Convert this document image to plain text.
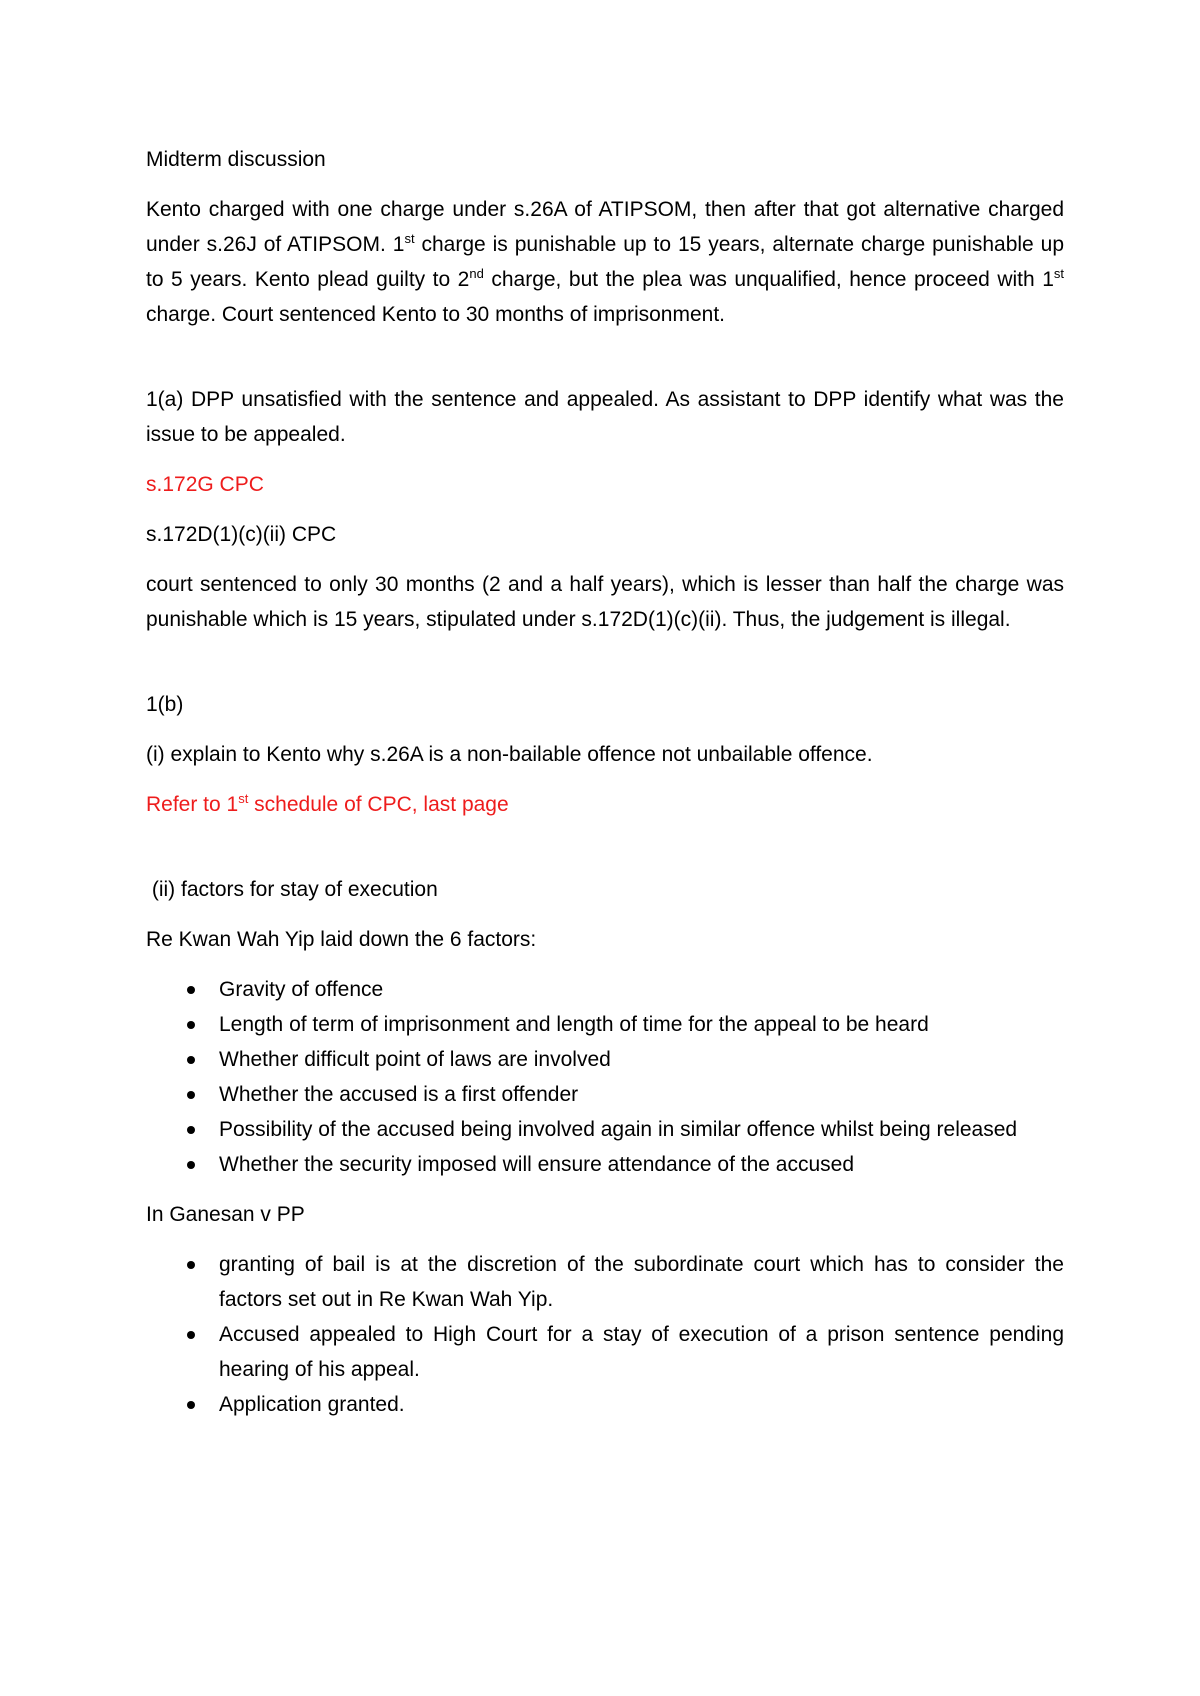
Midterm discussion

Kento charged with one charge under s.26A of ATIPSOM, then after that got alternative charged under s.26J of ATIPSOM. 1st charge is punishable up to 15 years, alternate charge punishable up to 5 years. Kento plead guilty to 2nd charge, but the plea was unqualified, hence proceed with 1st charge. Court sentenced Kento to 30 months of imprisonment.

1(a) DPP unsatisfied with the sentence and appealed. As assistant to DPP identify what was the issue to be appealed.

s.172G CPC

s.172D(1)(c)(ii) CPC

court sentenced to only 30 months (2 and a half years), which is lesser than half the charge was punishable which is 15 years, stipulated under s.172D(1)(c)(ii). Thus, the judgement is illegal.

1(b)

(i) explain to Kento why s.26A is a non-bailable offence not unbailable offence.

Refer to 1st schedule of CPC, last page

(ii) factors for stay of execution

Re Kwan Wah Yip laid down the 6 factors:

Gravity of offence
Length of term of imprisonment and length of time for the appeal to be heard
Whether difficult point of laws are involved
Whether the accused is a first offender
Possibility of the accused being involved again in similar offence whilst being released
Whether the security imposed will ensure attendance of the accused

In Ganesan v PP

granting of bail is at the discretion of the subordinate court which has to consider the factors set out in Re Kwan Wah Yip.
Accused appealed to High Court for a stay of execution of a prison sentence pending hearing of his appeal.
Application granted.
